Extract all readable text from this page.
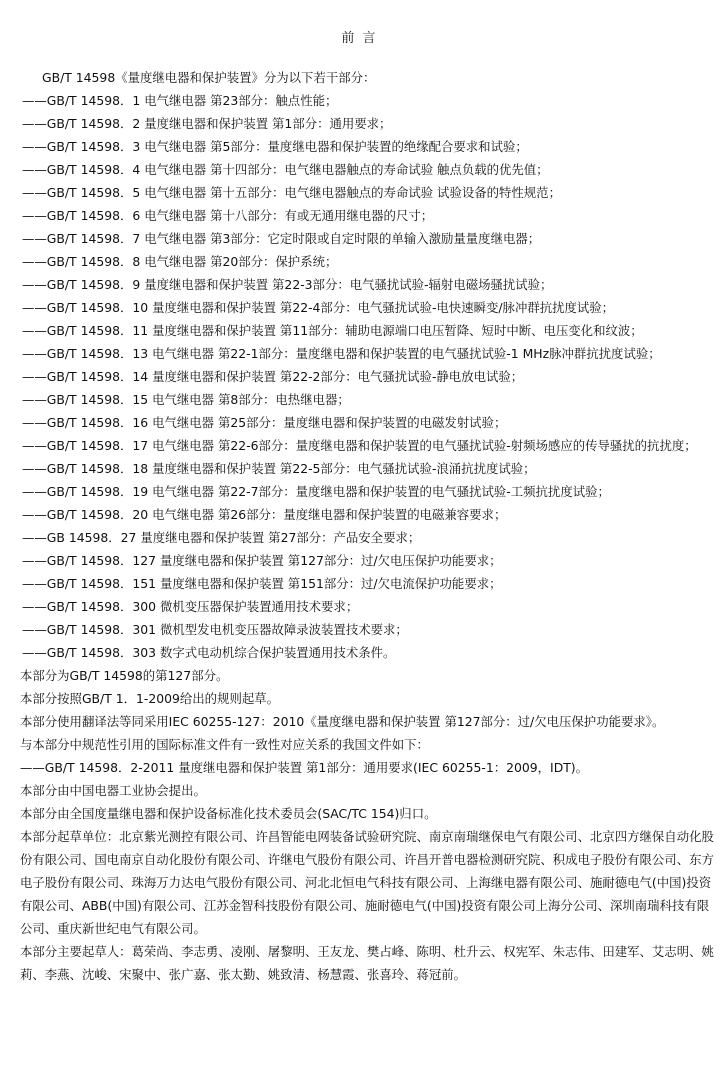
前 言

GB/T 14598《量度继电器和保护装置》分为以下若干部分：

——GB/T 14598．1 电气继电器 第23部分：触点性能；

——GB/T 14598．2 量度继电器和保护装置 第1部分：通用要求；

——GB/T 14598．3 电气继电器 第5部分：量度继电器和保护装置的绝缘配合要求和试验；

——GB/T 14598．4 电气继电器 第十四部分：电气继电器触点的寿命试验 触点负载的优先值；

——GB/T 14598．5 电气继电器 第十五部分：电气继电器触点的寿命试验 试验设备的特性规范；

——GB/T 14598．6 电气继电器 第十八部分：有或无通用继电器的尺寸；

——GB/T 14598．7 电气继电器 第3部分：它定时限或自定时限的单输入激励量量度继电器；

——GB/T 14598．8 电气继电器 第20部分：保护系统；

——GB/T 14598．9 量度继电器和保护装置 第22-3部分：电气骚扰试验-辐射电磁场骚扰试验；

——GB/T 14598．10 量度继电器和保护装置 第22-4部分：电气骚扰试验-电快速瞬变/脉冲群抗扰度试验；

——GB/T 14598．11 量度继电器和保护装置 第11部分：辅助电源端口电压暂降、短时中断、电压变化和纹波；

——GB/T 14598．13 电气继电器 第22-1部分：量度继电器和保护装置的电气骚扰试验-1 MHz脉冲群抗扰度试验；

——GB/T 14598．14 量度继电器和保护装置 第22-2部分：电气骚扰试验-静电放电试验；

——GB/T 14598．15 电气继电器 第8部分：电热继电器；

——GB/T 14598．16 电气继电器 第25部分：量度继电器和保护装置的电磁发射试验；

——GB/T 14598．17 电气继电器 第22-6部分：量度继电器和保护装置的电气骚扰试验-射频场感应的传导骚扰的抗扰度；

——GB/T 14598．18 量度继电器和保护装置 第22-5部分：电气骚扰试验-浪涌抗扰度试验；

——GB/T 14598．19 电气继电器 第22-7部分：量度继电器和保护装置的电气骚扰试验-工频抗扰度试验；

——GB/T 14598．20 电气继电器 第26部分：量度继电器和保护装置的电磁兼容要求；

——GB 14598．27 量度继电器和保护装置 第27部分：产品安全要求；

——GB/T 14598．127 量度继电器和保护装置 第127部分：过/欠电压保护功能要求；

——GB/T 14598．151 量度继电器和保护装置 第151部分：过/欠电流保护功能要求；

——GB/T 14598．300 微机变压器保护装置通用技术要求；

——GB/T 14598．301 微机型发电机变压器故障录波装置技术要求；

——GB/T 14598．303 数字式电动机综合保护装置通用技术条件。

本部分为GB/T 14598的第127部分。

本部分按照GB/T 1．1-2009给出的规则起草。

本部分使用翻译法等同采用IEC 60255-127：2010《量度继电器和保护装置 第127部分：过/欠电压保护功能要求》。

与本部分中规范性引用的国际标准文件有一致性对应关系的我国文件如下：

——GB/T 14598．2-2011 量度继电器和保护装置 第1部分：通用要求(IEC 60255-1：2009，IDT)。

本部分由中国电器工业协会提出。

本部分由全国度量继电器和保护设备标准化技术委员会(SAC/TC 154)归口。

本部分起草单位：北京紫光测控有限公司、许昌智能电网装备试验研究院、南京南瑞继保电气有限公司、北京四方继保自动化股份有限公司、国电南京自动化股份有限公司、许继电气股份有限公司、许昌开普电器检测研究院、积成电子股份有限公司、东方电子股份有限公司、珠海万力达电气股份有限公司、河北北恒电气科技有限公司、上海继电器有限公司、施耐德电气(中国)投资有限公司、ABB(中国)有限公司、江苏金智科技股份有限公司、施耐德电气(中国)投资有限公司上海分公司、深圳南瑞科技有限公司、重庆新世纪电气有限公司。

本部分主要起草人：葛荣尚、李志勇、凌刚、屠黎明、王友龙、樊占峰、陈明、杜升云、权宪军、朱志伟、田建军、艾志明、姚莉、李燕、沈峻、宋聚中、张广嘉、张太勤、姚致清、杨慧霞、张喜玲、蒋冠前。
